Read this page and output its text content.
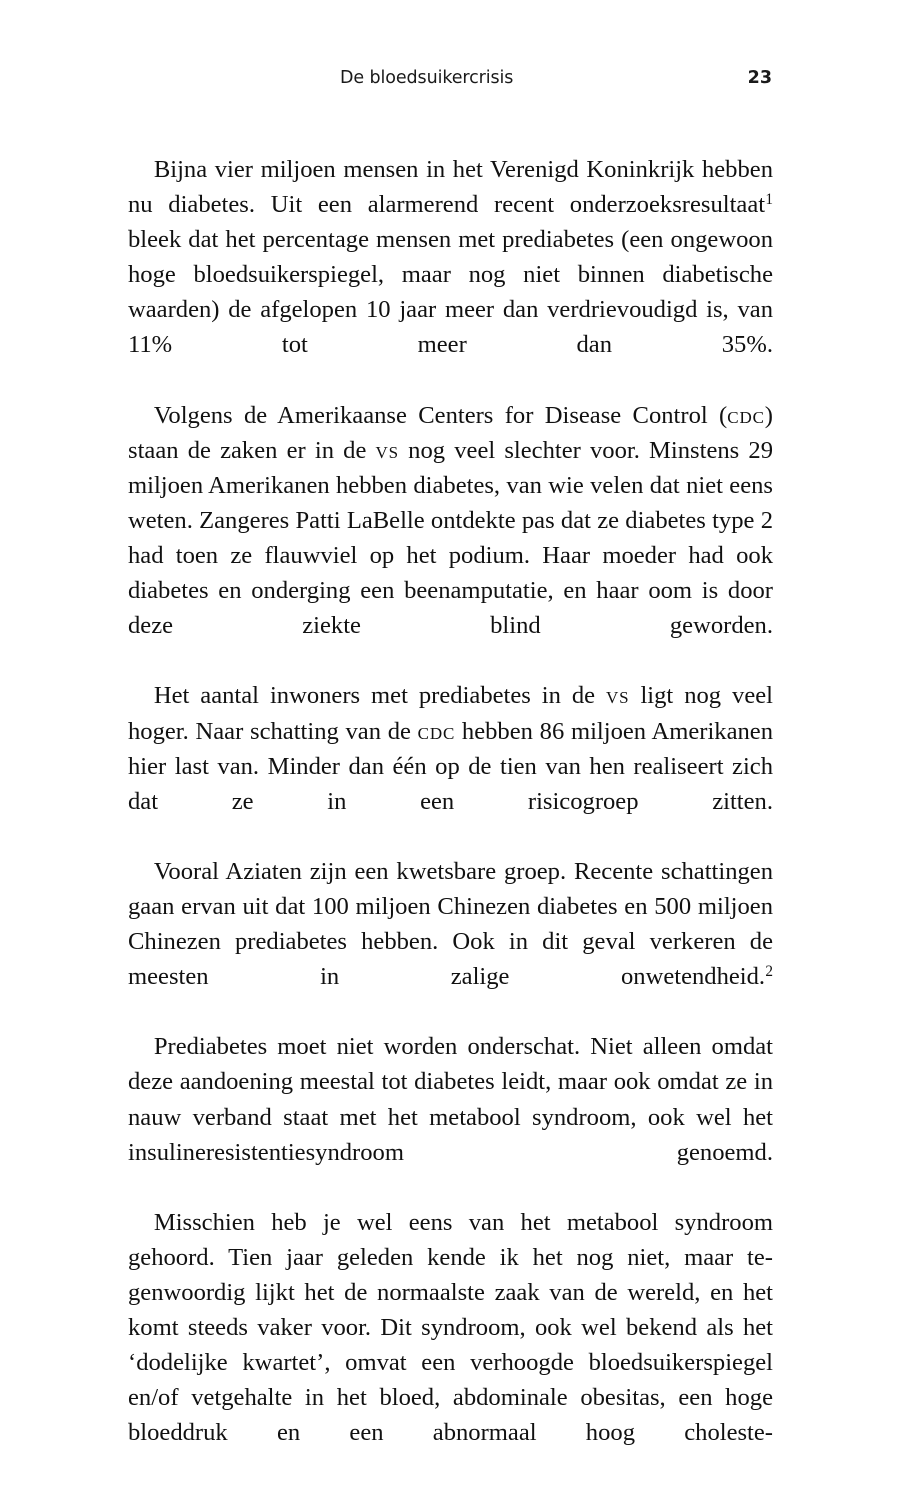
De bloedsuikercrisis	23

Bijna vier miljoen mensen in het Verenigd Koninkrijk hebben nu diabetes. Uit een alarmerend recent onderzoeksresultaat$^1$ bleek dat het percentage mensen met prediabetes (een ongewoon hoge bloedsuikerspiegel, maar nog niet binnen diabetische waarden) de afgelopen 10 jaar meer dan verdrievoudigd is, van 11% tot meer dan 35%.

Volgens de Amerikaanse Centers for Disease Control (cdc) staan de zaken er in de vs nog veel slechter voor. Minstens 29 miljoen Amerikanen hebben diabetes, van wie velen dat niet eens weten. Zangeres Patti LaBelle ontdekte pas dat ze diabetes type 2 had toen ze flauwviel op het podium. Haar moeder had ook diabetes en onderging een beenamputatie, en haar oom is door deze ziekte blind geworden.

Het aantal inwoners met prediabetes in de vs ligt nog veel hoger. Naar schatting van de cdc hebben 86 miljoen Amerikanen hier last van. Minder dan één op de tien van hen realiseert zich dat ze in een risicogroep zitten.

Vooral Aziaten zijn een kwetsbare groep. Recente schattingen gaan ervan uit dat 100 miljoen Chinezen diabetes en 500 miljoen Chinezen prediabetes hebben. Ook in dit geval verkeren de meesten in zalige onwetendheid.$^2$

Prediabetes moet niet worden onderschat. Niet alleen omdat deze aandoening meestal tot diabetes leidt, maar ook omdat ze in nauw verband staat met het metabool syndroom, ook wel het insulineresistentiesyndroom genoemd.

Misschien heb je wel eens van het metabool syndroom gehoord. Tien jaar geleden kende ik het nog niet, maar tegenwoordig lijkt het de normaalste zaak van de wereld, en het komt steeds vaker voor. Dit syndroom, ook wel bekend als het ‘dodelijke kwartet’, omvat een verhoogde bloedsuikerspiegel en/of vetgehalte in het bloed, abdominale obesitas, een hoge bloeddruk en een abnormaal hoog choleste-
